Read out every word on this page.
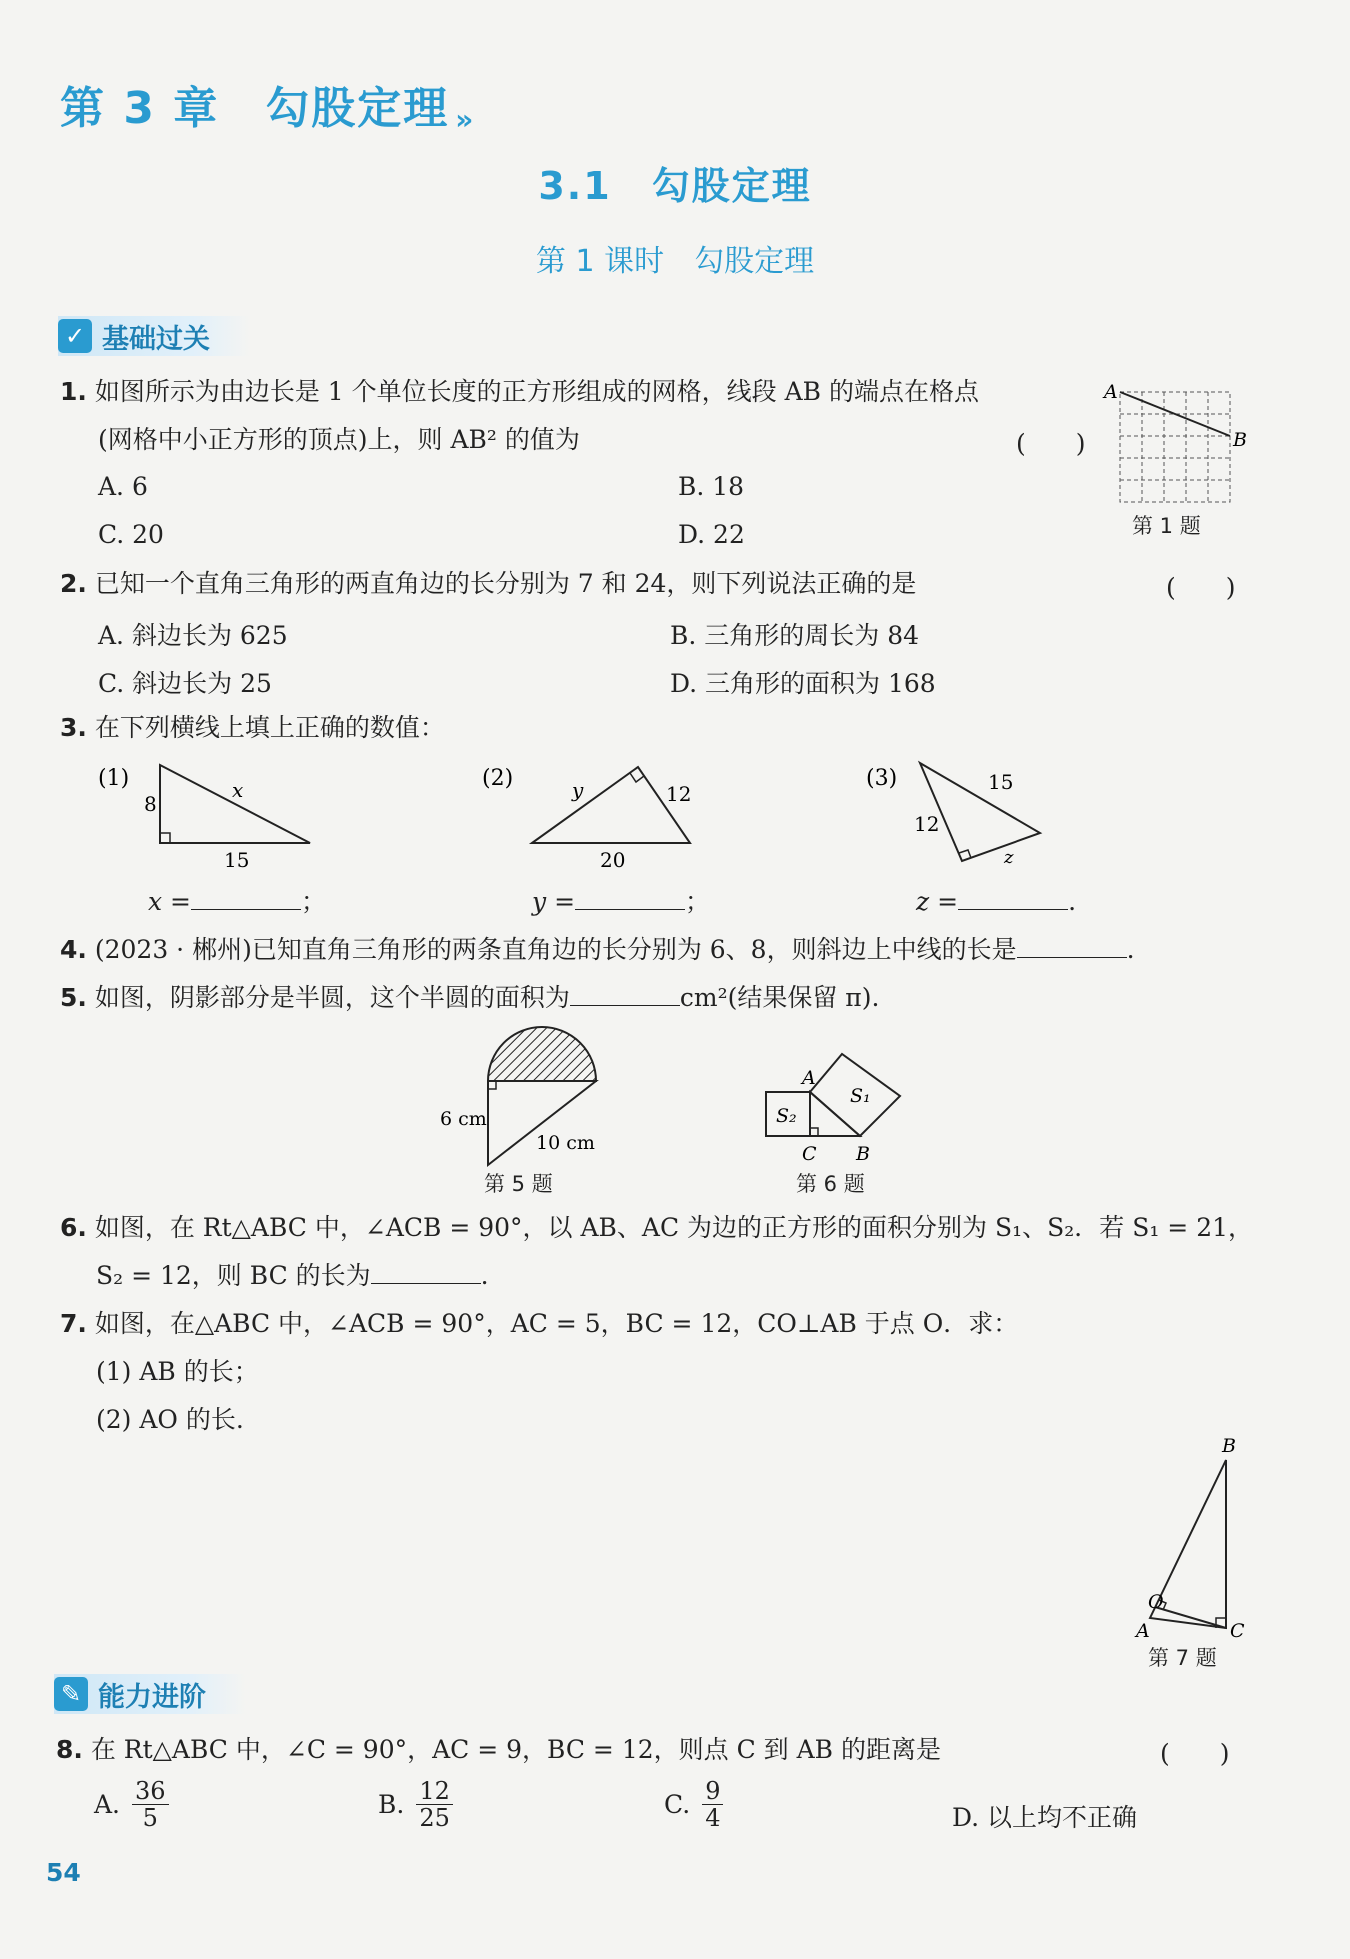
第 3 章　勾股定理 »
3.1　勾股定理
第 1 课时　勾股定理
✓ 基础过关
1. 如图所示为由边长是 1 个单位长度的正方形组成的网格，线段 AB 的端点在格点
(网格中小正方形的顶点)上，则 AB² 的值为	(　　)
A. 6	B. 18
C. 20	D. 22
A
B
第 1 题
2. 已知一个直角三角形的两直角边的长分别为 7 和 24，则下列说法正确的是	(　　)
A. 斜边长为 625	B. 三角形的周长为 84
C. 斜边长为 25	D. 三角形的面积为 168
3. 在下列横线上填上正确的数值：
(1)
8
x
15
(2)	y	12
20
(3)	15
12
z
x =	；	y =	；	z =	.
4. (2023 · 郴州)已知直角三角形的两条直角边的长分别为 6、8，则斜边上中线的长是	.
5. 如图，阴影部分是半圆，这个半圆的面积为	cm²(结果保留 π).
6 cm
10 cm
第 5 题
A
B
C
S₁
S₂
第 6 题
6. 如图，在 Rt△ABC 中，∠ACB = 90°，以 AB、AC 为边的正方形的面积分别为 S₁、S₂．若 S₁ = 21，
S₂ = 12，则 BC 的长为	.
7. 如图，在△ABC 中，∠ACB = 90°，AC = 5，BC = 12，CO⊥AB 于点 O．求：
(1) AB 的长；
(2) AO 的长.
B
O
A	C
第 7 题
✎ 能力进阶
8. 在 Rt△ABC 中，∠C = 90°，AC = 9，BC = 12，则点 C 到 AB 的距离是	(　　)
A. $\frac{36}{5}$	B. $\frac{12}{25}$	C. $\frac{9}{4}$	D. 以上均不正确
54
